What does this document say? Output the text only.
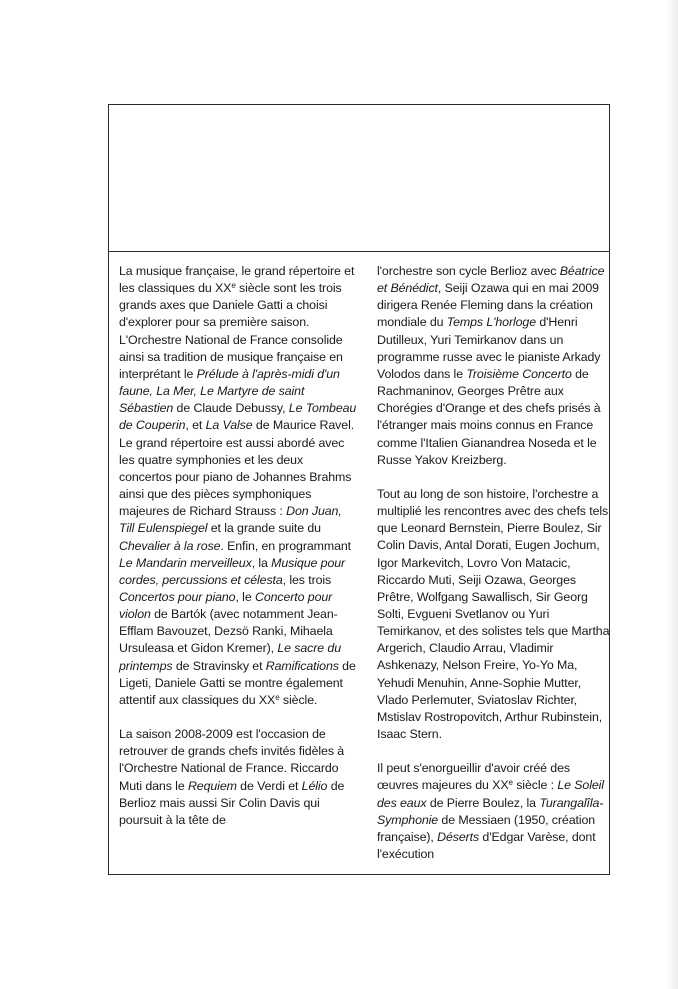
La musique française, le grand répertoire et les classiques du XXe siècle sont les trois grands axes que Daniele Gatti a choisi d'explorer pour sa première saison. L'Orchestre National de France consolide ainsi sa tradition de musique française en interprétant le Prélude à l'après-midi d'un faune, La Mer, Le Martyre de saint Sébastien de Claude Debussy, Le Tombeau de Couperin, et La Valse de Maurice Ravel. Le grand répertoire est aussi abordé avec les quatre symphonies et les deux concertos pour piano de Johannes Brahms ainsi que des pièces symphoniques majeures de Richard Strauss : Don Juan, Till Eulenspiegel et la grande suite du Chevalier à la rose. Enfin, en programmant Le Mandarin merveilleux, la Musique pour cordes, percussions et célesta, les trois Concertos pour piano, le Concerto pour violon de Bartók (avec notamment Jean-Efflam Bavouzet, Dezsö Ranki, Mihaela Ursuleasa et Gidon Kremer), Le sacre du printemps de Stravinsky et Ramifications de Ligeti, Daniele Gatti se montre également attentif aux classiques du XXe siècle.

La saison 2008-2009 est l'occasion de retrouver de grands chefs invités fidèles à l'Orchestre National de France. Riccardo Muti dans le Requiem de Verdi et Lélio de Berlioz mais aussi Sir Colin Davis qui poursuit à la tête de

l'orchestre son cycle Berlioz avec Béatrice et Bénédict, Seiji Ozawa qui en mai 2009 dirigera Renée Fleming dans la création mondiale du Temps L'horloge d'Henri Dutilleux, Yuri Temirkanov dans un programme russe avec le pianiste Arkady Volodos dans le Troisième Concerto de Rachmaninov, Georges Prêtre aux Chorégies d'Orange et des chefs prisés à l'étranger mais moins connus en France comme l'Italien Gianandrea Noseda et le Russe Yakov Kreizberg.

Tout au long de son histoire, l'orchestre a multiplié les rencontres avec des chefs tels que Leonard Bernstein, Pierre Boulez, Sir Colin Davis, Antal Dorati, Eugen Jochum, Igor Markevitch, Lovro Von Matacic, Riccardo Muti, Seiji Ozawa, Georges Prêtre, Wolfgang Sawallisch, Sir Georg Solti, Evgueni Svetlanov ou Yuri Temirkanov, et des solistes tels que Martha Argerich, Claudio Arrau, Vladimir Ashkenazy, Nelson Freire, Yo-Yo Ma, Yehudi Menuhin, Anne-Sophie Mutter, Vlado Perlemuter, Sviatoslav Richter, Mstislav Rostropovitch, Arthur Rubinstein, Isaac Stern.

Il peut s'enorgueillir d'avoir créé des œuvres majeures du XXe siècle : Le Soleil des eaux de Pierre Boulez, la Turangalîla-Symphonie de Messiaen (1950, création française), Déserts d'Edgar Varèse, dont l'exécution
